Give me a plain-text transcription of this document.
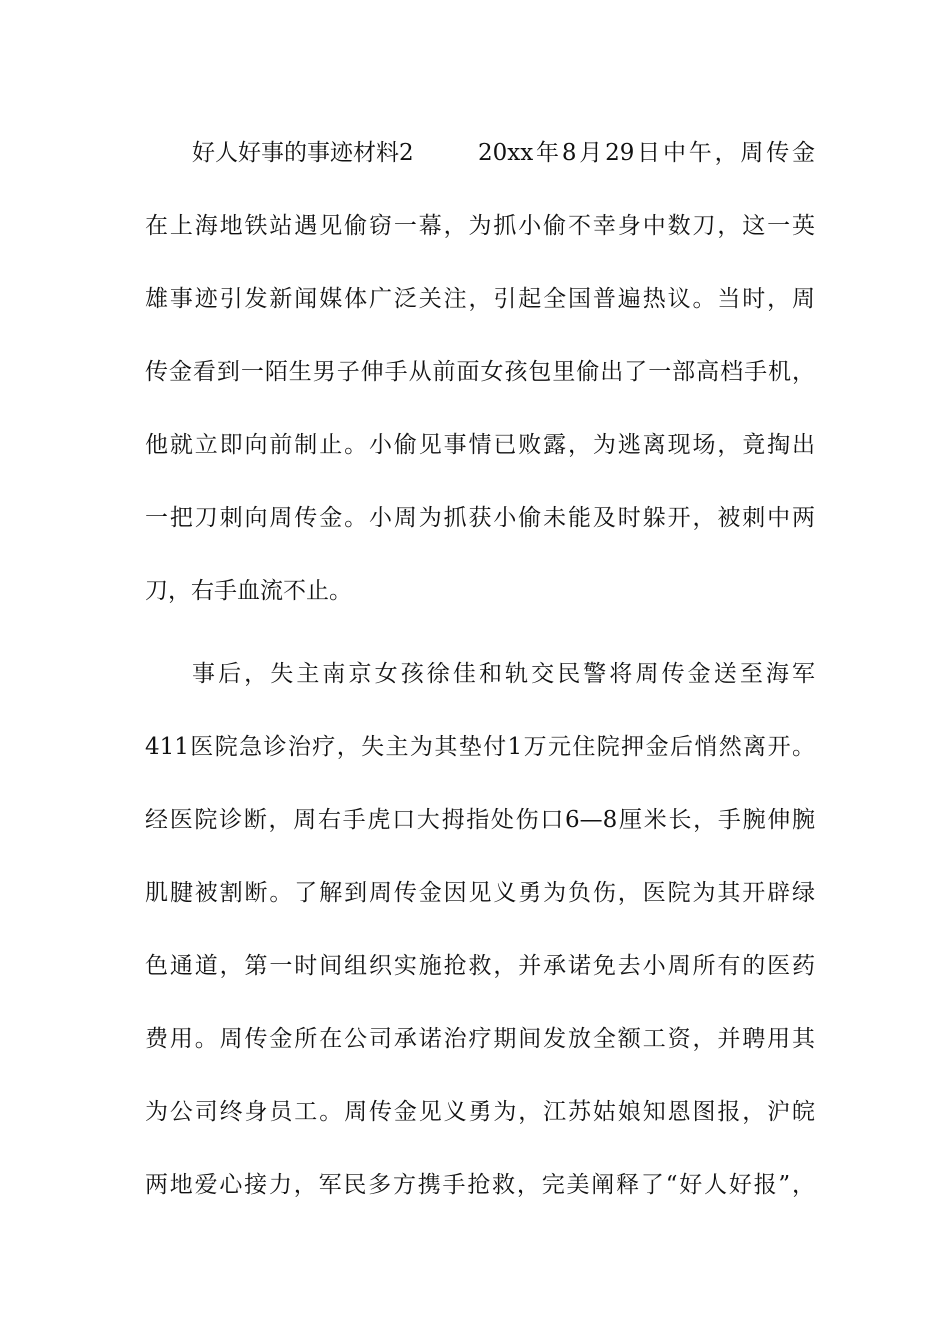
好人好事的事迹材料2	20xx年8月29日中午，周传金
在上海地铁站遇见偷窃一幕，为抓小偷不幸身中数刀，这一英
雄事迹引发新闻媒体广泛关注，引起全国普遍热议。当时，周
传金看到一陌生男子伸手从前面女孩包里偷出了一部高档手机，
他就立即向前制止。小偷见事情已败露，为逃离现场，竟掏出
一把刀刺向周传金。小周为抓获小偷未能及时躲开，被刺中两
刀，右手血流不止。
事后，失主南京女孩徐佳和轨交民警将周传金送至海军
411医院急诊治疗，失主为其垫付1万元住院押金后悄然离开。
经医院诊断，周右手虎口大拇指处伤口6—8厘米长，手腕伸腕
肌腱被割断。了解到周传金因见义勇为负伤，医院为其开辟绿
色通道，第一时间组织实施抢救，并承诺免去小周所有的医药
费用。周传金所在公司承诺治疗期间发放全额工资，并聘用其
为公司终身员工。周传金见义勇为，江苏姑娘知恩图报，沪皖
两地爱心接力，军民多方携手抢救，完美阐释了“好人好报”，
